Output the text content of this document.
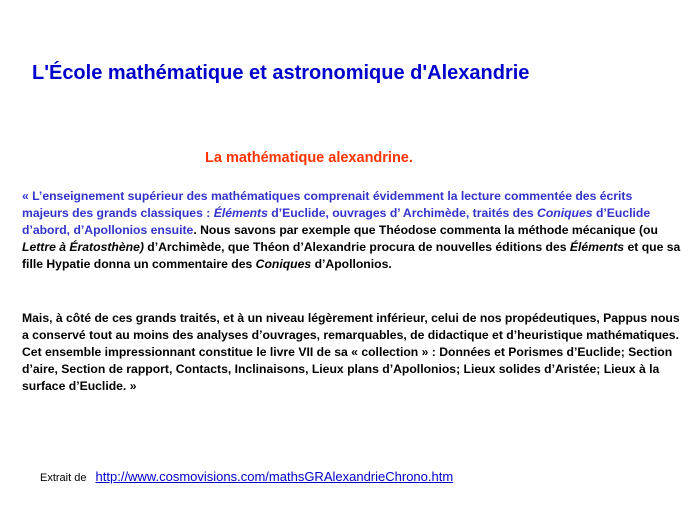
L'École mathématique et astronomique d'Alexandrie
La mathématique alexandrine.

« L’enseignement supérieur des mathématiques comprenait évidemment la lecture commentée des écrits majeurs des grands classiques : Éléments d’Euclide, ouvrages d’ Archimède, traités des Coniques d’Euclide d’abord, d’Apollonios ensuite. Nous savons par exemple que Théodose commenta la méthode mécanique (ou Lettre à Ératosthène) d’Archimède, que Théon d’Alexandrie procura de nouvelles éditions des Éléments et que sa fille Hypatie donna un commentaire des Coniques d’Apollonios.

Mais, à côté de ces grands traités, et à un niveau légèrement inférieur, celui de nos propédeutiques, Pappus nous a conservé tout au moins des analyses d’ouvrages, remarquables, de didactique et d’heuristique mathématiques. Cet ensemble impressionnant constitue le livre VII de sa « collection » : Données et Porismes d’Euclide; Section d’aire, Section de rapport, Contacts, Inclinaisons, Lieux plans d’Apollonios; Lieux solides d’Aristée; Lieux à la surface d’Euclide. »

Extrait de http://www.cosmovisions.com/mathsGRAlexandrieChrono.htm
